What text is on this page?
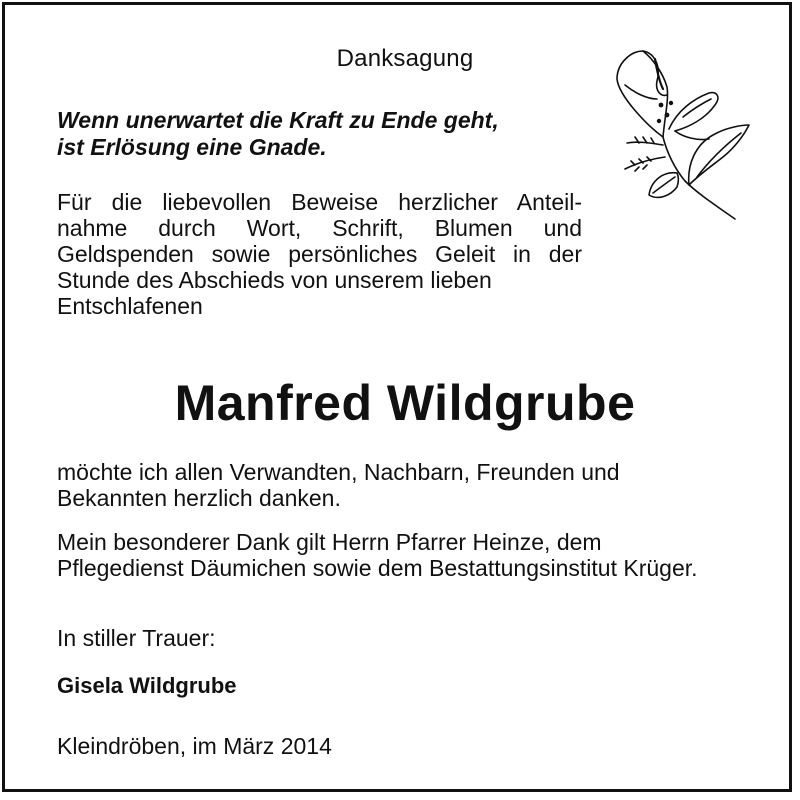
Danksagung
Wenn unerwartet die Kraft zu Ende geht,
ist Erlösung eine Gnade.
Für die liebevollen Beweise herzlicher Anteil-
nahme durch Wort, Schrift, Blumen und
Geldspenden sowie persönliches Geleit in der
Stunde des Abschieds von unserem lieben
Entschlafenen
Manfred Wildgrube
möchte ich allen Verwandten, Nachbarn, Freunden und
Bekannten herzlich danken.
Mein besonderer Dank gilt Herrn Pfarrer Heinze, dem
Pflegedienst Däumichen sowie dem Bestattungsinstitut Krüger.
In stiller Trauer:
Gisela Wildgrube
Kleindröben, im März 2014
